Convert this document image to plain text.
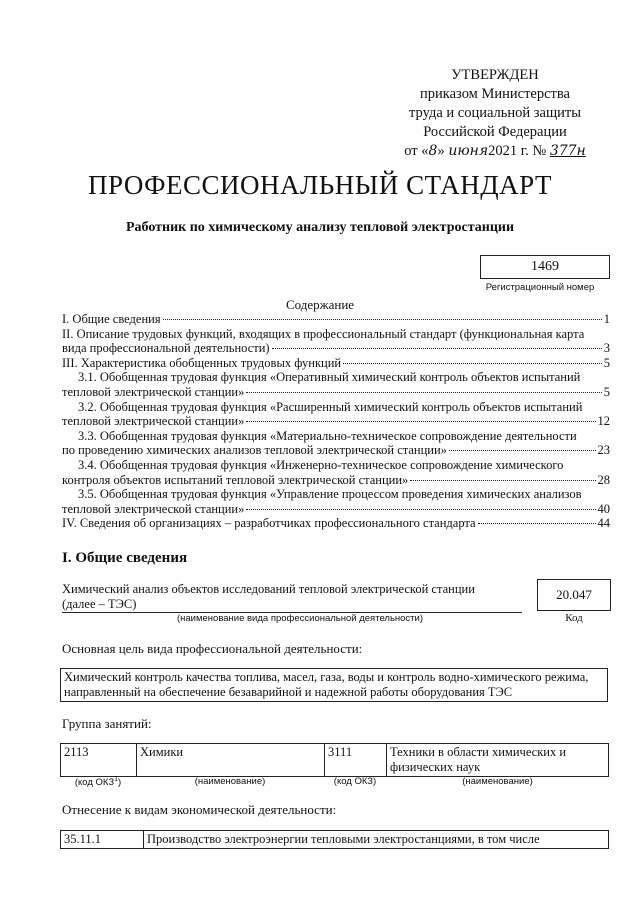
УТВЕРЖДЕН
приказом Министерства
труда и социальной защиты
Российской Федерации
от «8» июня2021 г. № 377н
ПРОФЕССИОНАЛЬНЫЙ СТАНДАРТ
Работник по химическому анализу тепловой электростанции
1469
Регистрационный номер
Содержание
I. Общие сведения	1
II. Описание трудовых функций, входящих в профессиональный стандарт (функциональная карта
вида профессиональной деятельности)	3
III. Характеристика обобщенных трудовых функций	5
3.1. Обобщенная трудовая функция «Оперативный химический контроль объектов испытаний
тепловой электрической станции»	5
3.2. Обобщенная трудовая функция «Расширенный химический контроль объектов испытаний
тепловой электрической станции»	12
3.3. Обобщенная трудовая функция «Материально-техническое сопровождение деятельности
по проведению химических анализов тепловой электрической станции»	23
3.4. Обобщенная трудовая функция «Инженерно-техническое сопровождение химического
контроля объектов испытаний тепловой электрической станции»	28
3.5. Обобщенная трудовая функция «Управление процессом проведения химических анализов
тепловой электрической станции»	40
IV. Сведения об организациях – разработчиках профессионального стандарта	44
I. Общие сведения
Химический анализ объектов исследований тепловой электрической станции
(далее – ТЭС)
(наименование вида профессиональной деятельности)
20.047
Код
Основная цель вида профессиональной деятельности:
Химический контроль качества топлива, масел, газа, воды и контроль водно-химического режима, направленный на обеспечение безаварийной и надежной работы оборудования ТЭС
Группа занятий:
2113	Химики	3111	Техники в области химических и физических наук
(код ОКЗ$^1$)	(наименование)	(код ОКЗ)	(наименование)
Отнесение к видам экономической деятельности:
35.11.1	Производство электроэнергии тепловыми электростанциями, в том числе
